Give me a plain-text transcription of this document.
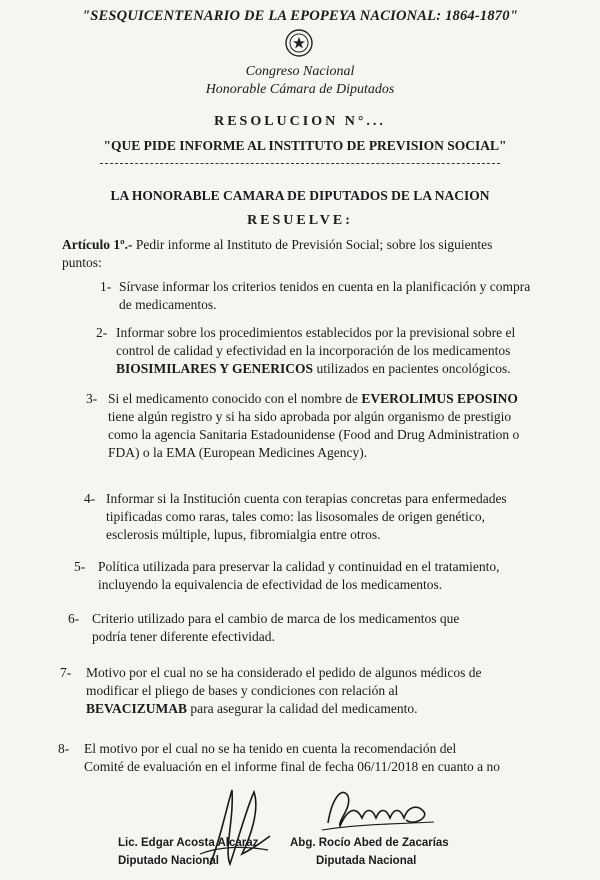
"SESQUICENTENARIO DE LA EPOPEYA NACIONAL: 1864-1870"
Congreso Nacional
Honorable Cámara de Diputados
RESOLUCION N°...
"QUE PIDE INFORME AL INSTITUTO DE PREVISION SOCIAL"
LA HONORABLE CAMARA DE DIPUTADOS DE LA NACION
RESUELVE:
Artículo 1º.- Pedir informe al Instituto de Previsión Social; sobre los siguientes
puntos:
1- Sírvase informar los criterios tenidos en cuenta en la planificación y compra
de medicamentos.
2- Informar sobre los procedimientos establecidos por la previsional sobre el
control de calidad y efectividad en la incorporación de los medicamentos
BIOSIMILARES Y GENERICOS utilizados en pacientes oncológicos.
3- Si el medicamento conocido con el nombre de EVEROLIMUS EPOSINO
tiene algún registro y si ha sido aprobada por algún organismo de prestigio
como la agencia Sanitaria Estadounidense (Food and Drug Administration o
FDA) o la EMA (European Medicines Agency).
4- Informar si la Institución cuenta con terapias concretas para enfermedades
tipificadas como raras, tales como: las lisosomales de origen genético,
esclerosis múltiple, lupus, fibromialgia entre otros.
5- Política utilizada para preservar la calidad y continuidad en el tratamiento,
incluyendo la equivalencia de efectividad de los medicamentos.
6- Criterio utilizado para el cambio de marca de los medicamentos que
podría tener diferente efectividad.
7- Motivo por el cual no se ha considerado el pedido de algunos médicos de
modificar el pliego de bases y condiciones con relación al
BEVACIZUMAB para asegurar la calidad del medicamento.
8- El motivo por el cual no se ha tenido en cuenta la recomendación del
Comité de evaluación en el informe final de fecha 06/11/2018 en cuanto a no
Lic. Edgar Acosta Alcaraz
Diputado Nacional
Abg. Rocío Abed de Zacarías
Diputada Nacional
